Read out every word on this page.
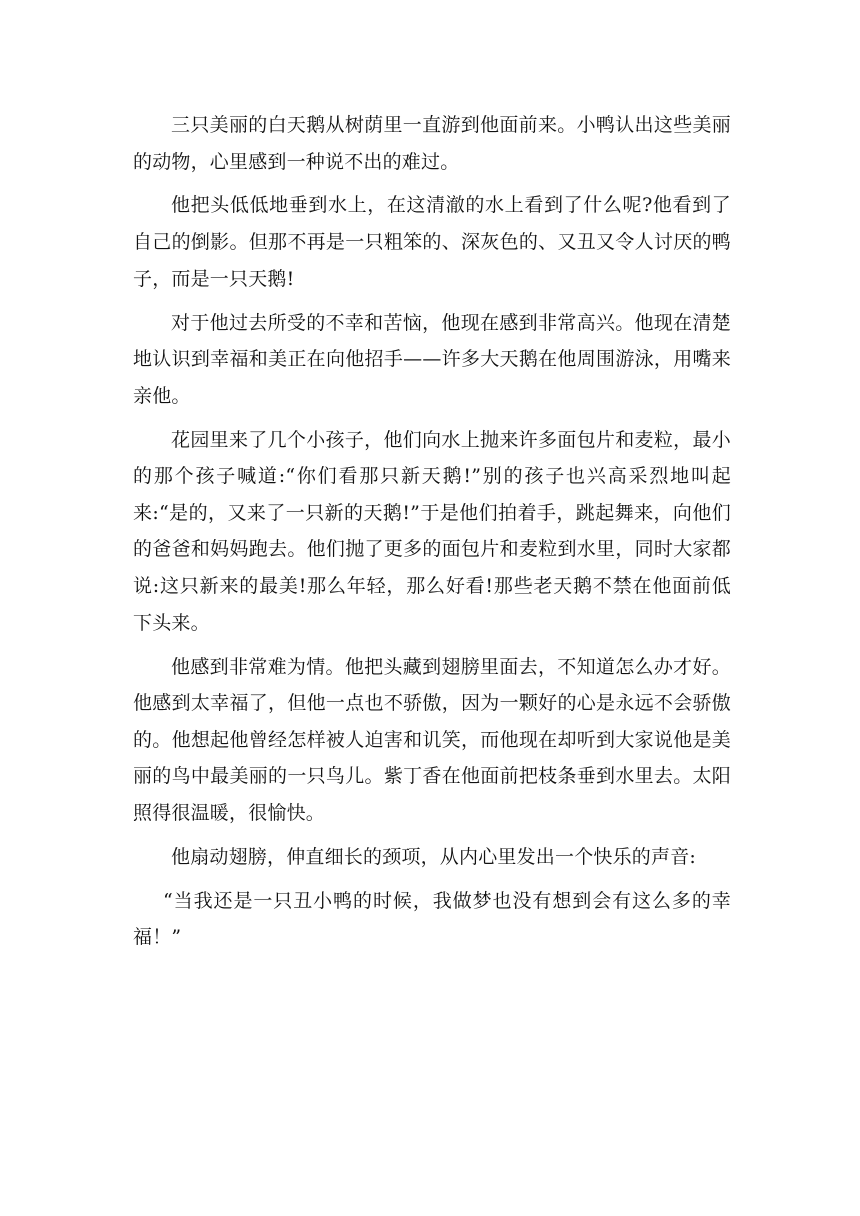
三只美丽的白天鹅从树荫里一直游到他面前来。小鸭认出这些美丽的动物，心里感到一种说不出的难过。

他把头低低地垂到水上，在这清澈的水上看到了什么呢?他看到了自己的倒影。但那不再是一只粗笨的、深灰色的、又丑又令人讨厌的鸭子，而是一只天鹅!

对于他过去所受的不幸和苦恼，他现在感到非常高兴。他现在清楚地认识到幸福和美正在向他招手——许多大天鹅在他周围游泳，用嘴来亲他。

花园里来了几个小孩子，他们向水上抛来许多面包片和麦粒，最小的那个孩子喊道:“你们看那只新天鹅!”别的孩子也兴高采烈地叫起来:“是的，又来了一只新的天鹅!”于是他们拍着手，跳起舞来，向他们的爸爸和妈妈跑去。他们抛了更多的面包片和麦粒到水里，同时大家都说:这只新来的最美!那么年轻，那么好看!那些老天鹅不禁在他面前低下头来。

他感到非常难为情。他把头藏到翅膀里面去，不知道怎么办才好。他感到太幸福了，但他一点也不骄傲，因为一颗好的心是永远不会骄傲的。他想起他曾经怎样被人迫害和讥笑，而他现在却听到大家说他是美丽的鸟中最美丽的一只鸟儿。紫丁香在他面前把枝条垂到水里去。太阳照得很温暖，很愉快。

他扇动翅膀，伸直细长的颈项，从内心里发出一个快乐的声音:

“当我还是一只丑小鸭的时候，我做梦也没有想到会有这么多的幸福！”
